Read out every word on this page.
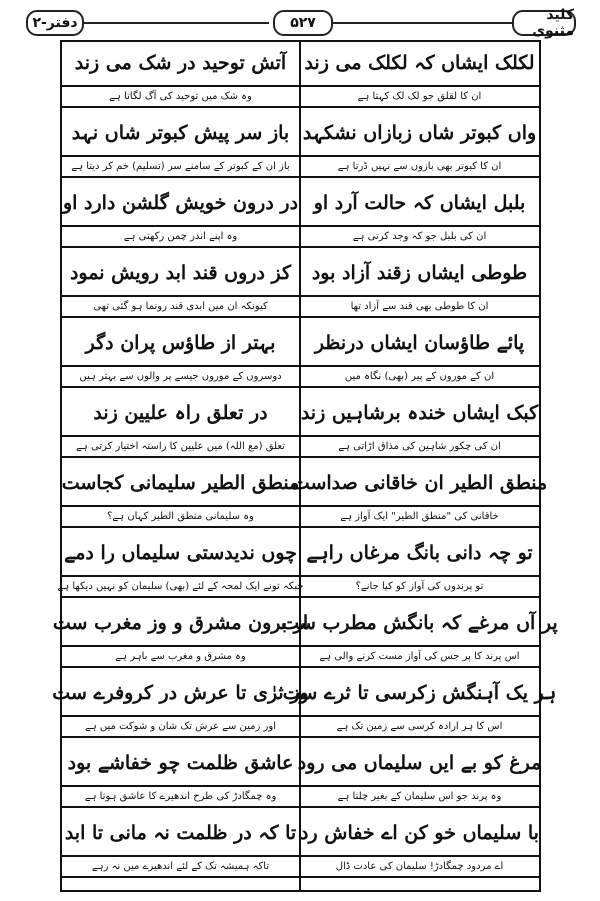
دفتر-۲	۵۲۷	کلید مثنوی
لکلک ایشاں کہ لکلک می زند
آتش توحید در شک می زند
ان کا لقلق جو لک لک کہتا ہے
وہ شک میں توحید کی آگ لگاتا ہے
واں کبوتر شاں زبازاں نشکہد
باز سر پیش کبوتر شاں نہد
ان کا کبوتر بھی بازوں سے نہیں ڈرتا ہے
باز ان کے کبوتر کے سامنے سر (تسلیم) خم کر دیتا ہے
بلبل ایشاں کہ حالت آرد او
در درون خویش گلشن دارد او
ان کی بلبل جو کہ وجد کرتی ہے
وہ اپنے اندر چمن رکھتی ہے
طوطی ایشاں زقند آزاد بود
کز دروں قند ابد رویش نمود
ان کا طوطی بھی قند سے آزاد تھا
کیونکہ ان میں ابدی قند رونما ہو گئی تھی
پائے طاؤسان ایشاں درنظر
بہتر از طاؤس پران دگر
ان کے موروں کے پیر (بھی) نگاہ میں
دوسروں کے موروں جیسے پر والوں سے بہتر ہیں
کبک ایشاں خندہ برشاہیں زند
در تعلق راہ علیین زند
ان کی چکور شاہین کی مذاق اڑاتی ہے
تعلق (مع اللہ) میں علیین کا راستہ اختیار کرتی ہے
منطق الطیر ان خاقانی صداست
منطق الطیر سلیمانی کجاست
خاقانی کی "منطق الطیر" ایک آواز ہے
وہ سلیمانی منطق الطیر کہاں ہے؟
تو چہ دانی بانگ مرغاں راہے
چوں ندیدستی سلیماں را دمے
تو پرندوں کی آواز کو کیا جانے؟
جبکہ تونے ایک لمحہ کے لئے (بھی) سلیمان کو نہیں دیکھا ہے
پر آں مرغے کہ بانگش مطرب ست
از برون مشرق و وز مغرب ست
اس پرند کا پر جس کی آواز مست کرنے والی ہے
وہ مشرق و مغرب سے باہر ہے
ہر یک آہنگش زکرسی تا ثرے ست
وز ثرٰی تا عرش در کروفرے ست
اس کا ہر ارادہ کرسی سے زمین تک ہے
اور زمین سے عرش تک شان و شوکت میں ہے
مرغ کو بے ایں سلیماں می رود
عاشق ظلمت چو خفاشے بود
وہ پرند جو اس سلیمان کے بغیر چلتا ہے
وہ چمگادڑ کی طرح اندھیرے کا عاشق ہوتا ہے
با سلیماں خو کن اے خفاش رد
تا کہ در ظلمت نہ مانی تا ابد
اے مردود چمگادڑ! سلیمان کی عادت ڈال
تاکہ ہمیشہ تک کے لئے اندھیرے میں نہ رہے
